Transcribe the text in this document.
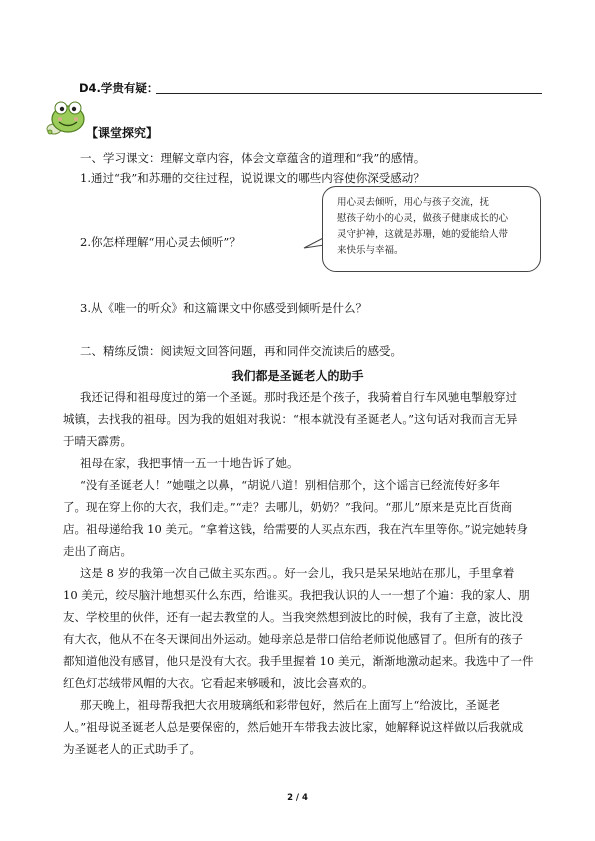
D4.学贵有疑：
【课堂探究】
一、学习课文：理解文章内容，体会文章蕴含的道理和“我”的感情。
1.通过“我”和苏珊的交往过程，说说课文的哪些内容使你深受感动？
2.你怎样理解“用心灵去倾听”？
3.从《唯一的听众》和这篇课文中你感受到倾听是什么？
用心灵去倾听，用心与孩子交流，抚
慰孩子幼小的心灵，做孩子健康成长的心
灵守护神，这就是苏珊，她的爱能给人带
来快乐与幸福。
二、精练反馈：阅读短文回答问题，再和同伴交流读后的感受。
我们都是圣诞老人的助手
我还记得和祖母度过的第一个圣诞。那时我还是个孩子，我骑着自行车风驰电掣般穿过
城镇，去找我的祖母。因为我的姐姐对我说：“根本就没有圣诞老人。”这句话对我而言无异
于晴天霹雳。
祖母在家，我把事情一五一十地告诉了她。
“没有圣诞老人！”她嗤之以鼻，“胡说八道！别相信那个，这个谣言已经流传好多年
了。现在穿上你的大衣，我们走。”“走？去哪儿，奶奶？”我问。“那儿”原来是克比百货商
店。祖母递给我 10 美元。“拿着这钱，给需要的人买点东西，我在汽车里等你。”说完她转身
走出了商店。
这是 8 岁的我第一次自己做主买东西。。好一会儿，我只是呆呆地站在那儿，手里拿着
10 美元，绞尽脑汁地想买什么东西，给谁买。我把我认识的人一一想了个遍：我的家人、朋
友、学校里的伙伴，还有一起去教堂的人。当我突然想到波比的时候，我有了主意，波比没
有大衣，他从不在冬天课间出外运动。她母亲总是带口信给老师说他感冒了。但所有的孩子
都知道他没有感冒，他只是没有大衣。我手里握着 10 美元，渐渐地激动起来。我选中了一件
红色灯芯绒带风帽的大衣。它看起来够暖和，波比会喜欢的。
那天晚上，祖母帮我把大衣用玻璃纸和彩带包好，然后在上面写上“给波比，圣诞老
人。”祖母说圣诞老人总是要保密的，然后她开车带我去波比家，她解释说这样做以后我就成
为圣诞老人的正式助手了。
2 / 4
